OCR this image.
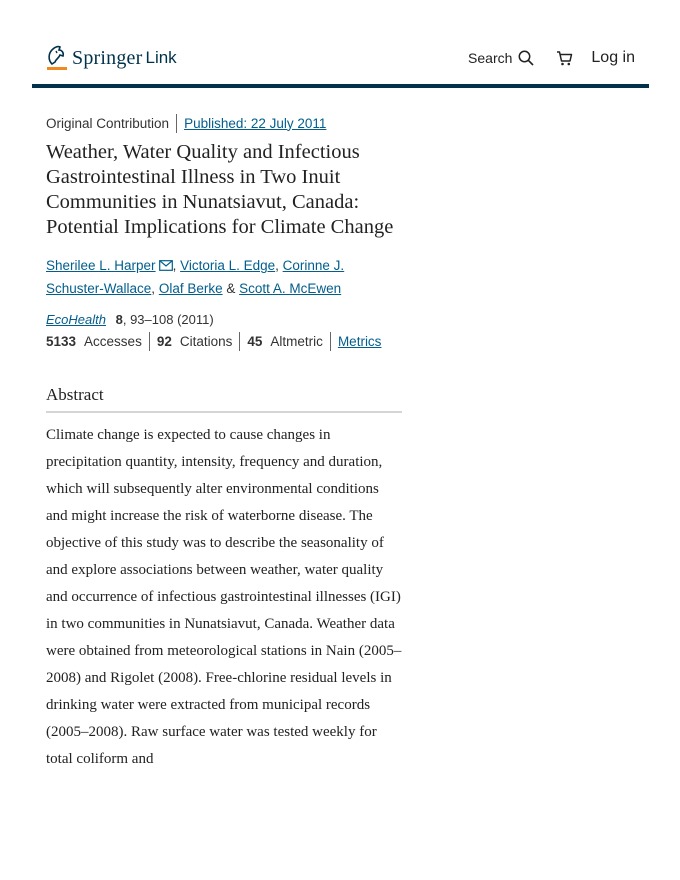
Springer Link	Search	Log in
Original Contribution Published: 22 July 2011
Weather, Water Quality and Infectious Gastrointestinal Illness in Two Inuit Communities in Nunatsiavut, Canada: Potential Implications for Climate Change
Sherilee L. Harper , Victoria L. Edge, Corinne J. Schuster-Wallace, Olaf Berke & Scott A. McEwen
EcoHealth 8, 93–108 (2011)
5133 Accesses 92 Citations 45 Altmetric Metrics
Abstract
Climate change is expected to cause changes in precipitation quantity, intensity, frequency and duration, which will subsequently alter environmental conditions and might increase the risk of waterborne disease. The objective of this study was to describe the seasonality of and explore associations between weather, water quality and occurrence of infectious gastrointestinal illnesses (IGI) in two communities in Nunatsiavut, Canada. Weather data were obtained from meteorological stations in Nain (2005–2008) and Rigolet (2008). Free-chlorine residual levels in drinking water were extracted from municipal records (2005–2008). Raw surface water was tested weekly for total coliform and
